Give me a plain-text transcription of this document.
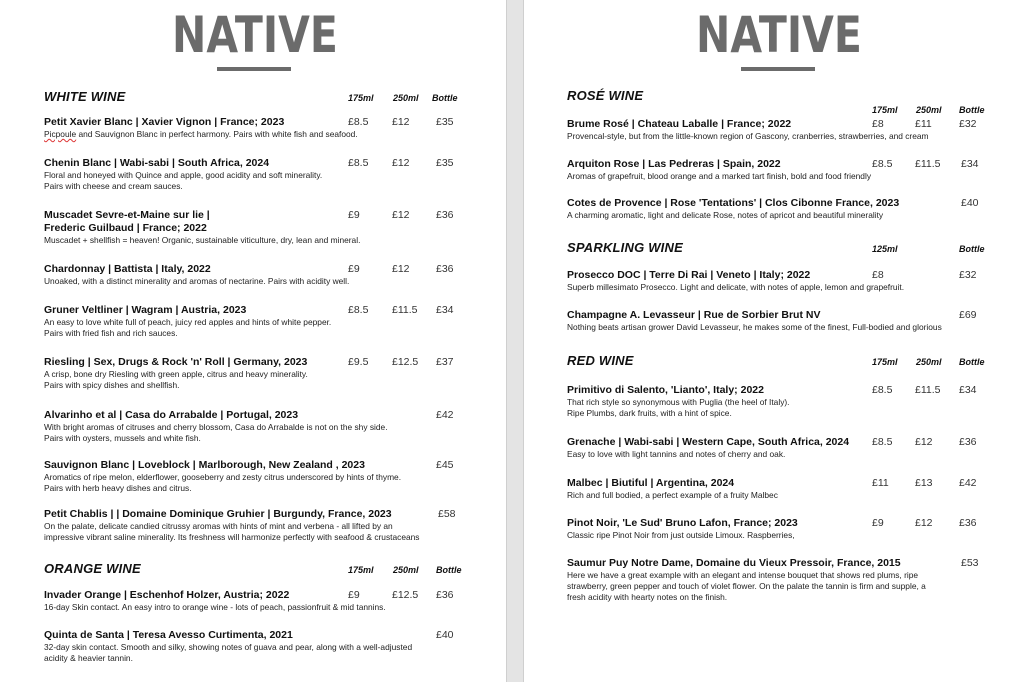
NATIVE
WHITE WINE	175ml 250ml Bottle
Petit Xavier Blanc | Xavier Vignon | France; 2023
Picpoule and Sauvignon Blanc in perfect harmony. Pairs with white fish and seafood.
£8.5 £12	£35
Chenin Blanc | Wabi-sabi | South Africa, 2024
Floral and honeyed with Quince and apple, good acidity and soft minerality.
Pairs with cheese and cream sauces.
£8.5 £12	£35
Muscadet Sevre-et-Maine sur lie |
Frederic Guilbaud | France; 2022
Muscadet + shellfish = heaven! Organic, sustainable viticulture, dry, lean and mineral.
£9	£12	£36
Chardonnay | Battista | Italy, 2022
Unoaked, with a distinct minerality and aromas of nectarine. Pairs with acidity well.
£9	£12	£36
Gruner Veltliner | Wagram | Austria, 2023
An easy to love white full of peach, juicy red apples and hints of white pepper.
Pairs with fried fish and rich sauces.
£8.5 £11.5 £34
Riesling | Sex, Drugs & Rock 'n' Roll | Germany, 2023
A crisp, bone dry Riesling with green apple, citrus and heavy minerality.
Pairs with spicy dishes and shellfish.
£9.5 £12.5 £37
Alvarinho et al | Casa do Arrabalde | Portugal, 2023
With bright aromas of citruses and cherry blossom, Casa do Arrabalde is not on the shy side.
Pairs with oysters, mussels and white fish.
£42
Sauvignon Blanc | Loveblock | Marlborough, New Zealand , 2023
Aromatics of ripe melon, elderflower, gooseberry and zesty citrus underscored by hints of thyme.
Pairs with herb heavy dishes and citrus.
£45
Petit Chablis | | Domaine Dominique Gruhier | Burgundy, France, 2023
On the palate, delicate candied citrussy aromas with hints of mint and verbena - all lifted by an
impressive vibrant saline minerality. Its freshness will harmonize perfectly with seafood & crustaceans
£58
ORANGE WINE	175ml 250ml Bottle
Invader Orange | Eschenhof Holzer, Austria; 2022
16-day Skin contact. An easy intro to orange wine - lots of peach, passionfruit & mid tannins.
£9	£12.5 £36
Quinta de Santa | Teresa Avesso Curtimenta, 2021
32-day skin contact. Smooth and silky, showing notes of guava and pear, along with a well-adjusted
acidity & heavier tannin.
£40
NATIVE
ROSÉ WINE
175ml 250ml Bottle
Brume Rosé | Chateau Laballe | France; 2022
Provencal-style, but from the little-known region of Gascony, cranberries, strawberries, and cream
£8	£11	£32
Arquiton Rose | Las Pedreras | Spain, 2022
Aromas of grapefruit, blood orange and a marked tart finish, bold and food friendly
£8.5 £11.5 £34
Cotes de Provence | Rose 'Tentations' | Clos Cibonne France, 2023
A charming aromatic, light and delicate Rose, notes of apricot and beautiful minerality
£40
SPARKLING WINE	125ml	Bottle
Prosecco DOC | Terre Di Rai | Veneto | Italy; 2022
Superb millesimato Prosecco. Light and delicate, with notes of apple, lemon and grapefruit.
£8	£32
Champagne A. Levasseur | Rue de Sorbier Brut NV
Nothing beats artisan grower David Levasseur, he makes some of the finest, Full-bodied and glorious
£69
RED WINE	175ml 250ml Bottle
Primitivo di Salento, 'Lianto', Italy; 2022
That rich style so synonymous with Puglia (the heel of Italy).
Ripe Plumbs, dark fruits, with a hint of spice.
£8.5 £11.5 £34
Grenache | Wabi-sabi | Western Cape, South Africa, 2024
Easy to love with light tannins and notes of cherry and oak.
£8.5 £12	£36
Malbec | Biutiful | Argentina, 2024
Rich and full bodied, a perfect example of a fruity Malbec
£11	£13	£42
Pinot Noir, 'Le Sud' Bruno Lafon, France; 2023
Classic ripe Pinot Noir from just outside Limoux. Raspberries,
£9	£12	£36
Saumur Puy Notre Dame, Domaine du Vieux Pressoir, France, 2015
Here we have a great example with an elegant and intense bouquet that shows red plums, ripe
strawberry, green pepper and touch of violet flower. On the palate the tannin is firm and supple, a
fresh acidity with hearty notes on the finish.
£53
